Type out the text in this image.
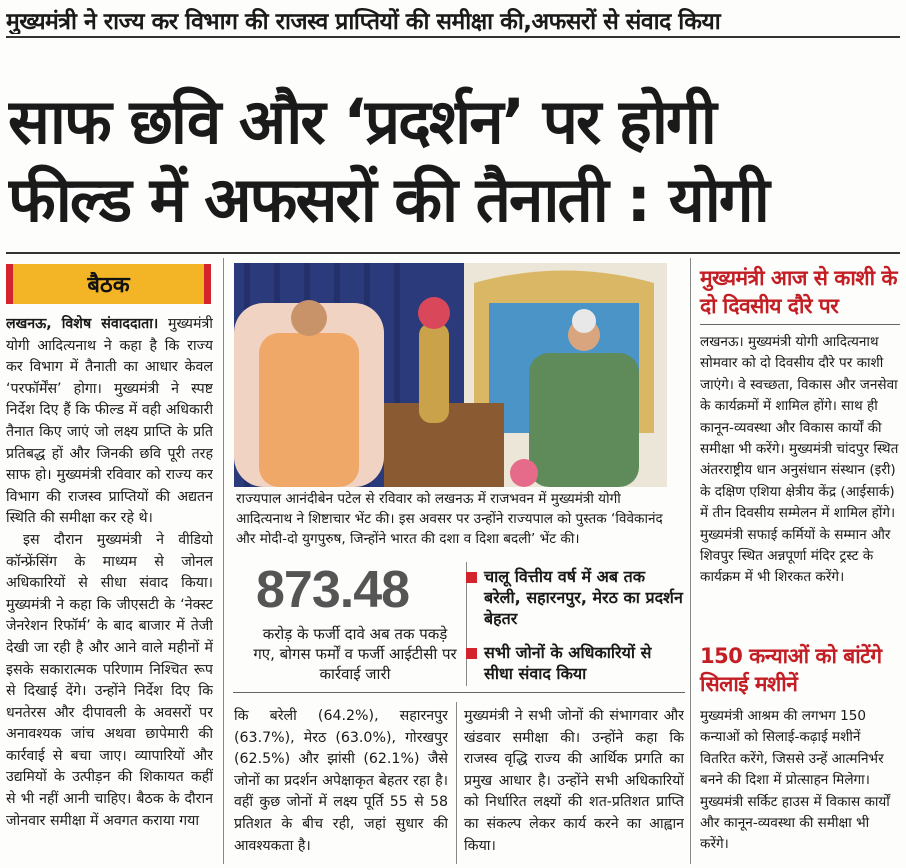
मुख्यमंत्री ने राज्य कर विभाग की राजस्व प्राप्तियों की समीक्षा की,अफसरों से संवाद किया
साफ छवि और ‘प्रदर्शन’ पर होगी
फील्ड में अफसरों की तैनाती : योगी
बैठक

लखनऊ, विशेष संवाददाता। मुख्यमंत्री योगी आदित्यनाथ ने कहा है कि राज्य कर विभाग में तैनाती का आधार केवल ‘परफॉर्मेंस’ होगा। मुख्यमंत्री ने स्पष्ट निर्देश दिए हैं कि फील्ड में वही अधिकारी तैनात किए जाएं जो लक्ष्य प्राप्ति के प्रति प्रतिबद्ध हों और जिनकी छवि पूरी तरह साफ हो। मुख्यमंत्री रविवार को राज्य कर विभाग की राजस्व प्राप्तियों की अद्यतन स्थिति की समीक्षा कर रहे थे।

इस दौरान मुख्यमंत्री ने वीडियो कॉन्फ्रेंसिंग के माध्यम से जोनल अधिकारियों से सीधा संवाद किया। मुख्यमंत्री ने कहा कि जीएसटी के ‘नेक्स्ट जेनरेशन रिफॉर्म’ के बाद बाजार में तेजी देखी जा रही है और आने वाले महीनों में इसके सकारात्मक परिणाम निश्चित रूप से दिखाई देंगे। उन्होंने निर्देश दिए कि धनतेरस और दीपावली के अवसरों पर अनावश्यक जांच अथवा छापेमारी की कार्रवाई से बचा जाए। व्यापारियों और उद्यमियों के उत्पीड़न की शिकायत कहीं से भी नहीं आनी चाहिए। बैठक के दौरान जोनवार समीक्षा में अवगत कराया गया

राज्यपाल आनंदीबेन पटेल से रविवार को लखनऊ में राजभवन में मुख्यमंत्री योगी आदित्यनाथ ने शिष्टाचार भेंट की। इस अवसर पर उन्होंने राज्यपाल को पुस्तक ‘विवेकानंद और मोदी-दो युगपुरुष, जिन्होंने भारत की दशा व दिशा बदली’ भेंट की।
873.48
करोड़ के फर्जी दावे अब तक पकड़े गए, बोगस फर्मों व फर्जी आईटीसी पर कार्रवाई जारी
चालू वित्तीय वर्ष में अब तक बरेली, सहारनपुर, मेरठ का प्रदर्शन बेहतर
सभी जोनों के अधिकारियों से सीधा संवाद किया

कि बरेली (64.2%), सहारनपुर (63.7%), मेरठ (63.0%), गोरखपुर (62.5%) और झांसी (62.1%) जैसे जोनों का प्रदर्शन अपेक्षाकृत बेहतर रहा है। वहीं कुछ जोनों में लक्ष्य पूर्ति 55 से 58 प्रतिशत के बीच रही, जहां सुधार की आवश्यकता है।

मुख्यमंत्री ने सभी जोनों की संभागवार और खंडवार समीक्षा की। उन्होंने कहा कि राजस्व वृद्धि राज्य की आर्थिक प्रगति का प्रमुख आधार है। उन्होंने सभी अधिकारियों को निर्धारित लक्ष्यों की शत-प्रतिशत प्राप्ति का संकल्प लेकर कार्य करने का आह्वान किया।

मुख्यमंत्री आज से काशी के दो दिवसीय दौरे पर

लखनऊ। मुख्यमंत्री योगी आदित्यनाथ सोमवार को दो दिवसीय दौरे पर काशी जाएंगे। वे स्वच्छता, विकास और जनसेवा के कार्यक्रमों में शामिल होंगे। साथ ही कानून-व्यवस्था और विकास कार्यों की समीक्षा भी करेंगे। मुख्यमंत्री चांदपुर स्थित अंतरराष्ट्रीय धान अनुसंधान संस्थान (इरी) के दक्षिण एशिया क्षेत्रीय केंद्र (आईसार्क) में तीन दिवसीय सम्मेलन में शामिल होंगे। मुख्यमंत्री सफाई कर्मियों के सम्मान और शिवपुर स्थित अन्नपूर्णा मंदिर ट्रस्ट के कार्यक्रम में भी शिरकत करेंगे।

150 कन्याओं को बांटेंगे सिलाई मशीनें

मुख्यमंत्री आश्रम की लगभग 150 कन्याओं को सिलाई-कढ़ाई मशीनें वितरित करेंगे, जिससे उन्हें आत्मनिर्भर बनने की दिशा में प्रोत्साहन मिलेगा। मुख्यमंत्री सर्किट हाउस में विकास कार्यों और कानून-व्यवस्था की समीक्षा भी करेंगे।
